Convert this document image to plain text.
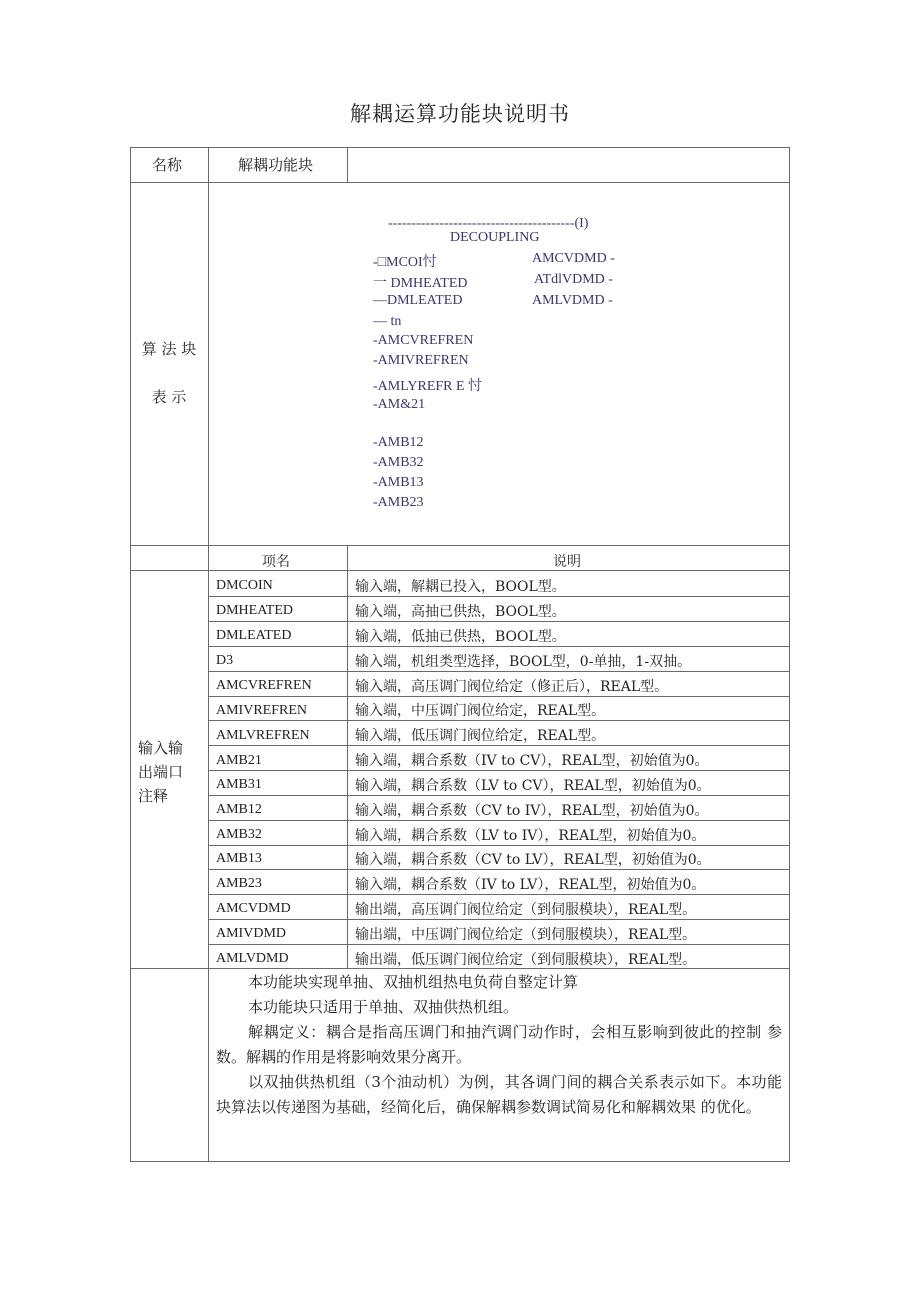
解耦运算功能块说明书
名称	解耦功能块
算 法 块
表 示
----------------------------------------(I)
DECOUPLING
-□MCOI忖
一 DMHEATED
—DMLEATED
— tn
-AMCVREFREN
-AMIVREFREN
-AMLYREFR E 忖
-AM&21
-AMB12
-AMB32
-AMB13
-AMB23
AMCVDMD -
ATdlVDMD -
AMLVDMD -
项名	说明
输入输
出端口
注释
DMCOIN	输入端，解耦已投入，BOOL型。
DMHEATED	输入端，高抽已供热，BOOL型。
DMLEATED	输入端，低抽已供热，BOOL型。
D3	输入端，机组类型选择，BOOL型，0-单抽，1-双抽。
AMCVREFREN	输入端，高压调门阀位给定（修正后），REAL型。
AMIVREFREN	输入端，中压调门阀位给定，REAL型。
AMLVREFREN	输入端，低压调门阀位给定，REAL型。
AMB21	输入端，耦合系数（IV to CV），REAL型，初始值为0。
AMB31	输入端，耦合系数（LV to CV），REAL型，初始值为0。
AMB12	输入端，耦合系数（CV to IV），REAL型，初始值为0。
AMB32	输入端，耦合系数（LV to IV），REAL型，初始值为0。
AMB13	输入端，耦合系数（CV to LV），REAL型，初始值为0。
AMB23	输入端，耦合系数（IV to LV），REAL型，初始值为0。
AMCVDMD	输出端，高压调门阀位给定（到伺服模块），REAL型。
AMIVDMD	输出端，中压调门阀位给定（到伺服模块），REAL型。
AMLVDMD	输出端，低压调门阀位给定（到伺服模块），REAL型。
本功能块实现单抽、双抽机组热电负荷自整定计算
本功能块只适用于单抽、双抽供热机组。
解耦定义：耦合是指高压调门和抽汽调门动作时，会相互影响到彼此的控制 参数。解耦的作用是将影响效果分离开。
以双抽供热机组（3个油动机）为例，其各调门间的耦合关系表示如下。本功能块算法以传递图为基础，经简化后，确保解耦参数调试简易化和解耦效果 的优化。
